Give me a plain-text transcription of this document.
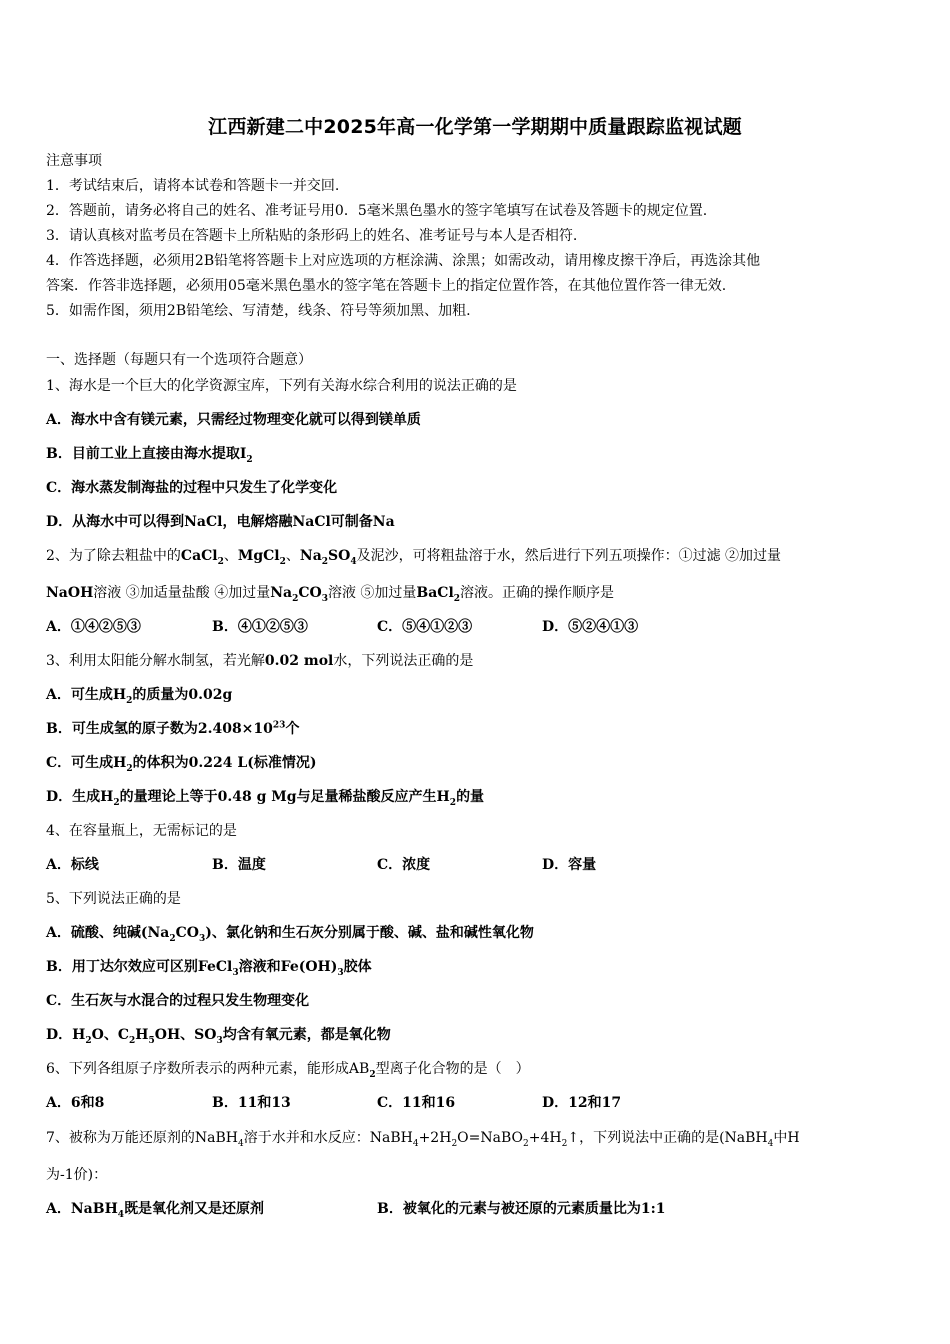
江西新建二中2025年高一化学第一学期期中质量跟踪监视试题
注意事项
1．考试结束后，请将本试卷和答题卡一并交回.
2．答题前，请务必将自己的姓名、准考证号用0．5毫米黑色墨水的签字笔填写在试卷及答题卡的规定位置.
3．请认真核对监考员在答题卡上所粘贴的条形码上的姓名、准考证号与本人是否相符.
4．作答选择题，必须用2B铅笔将答题卡上对应选项的方框涂满、涂黑；如需改动，请用橡皮擦干净后，再选涂其他
答案．作答非选择题，必须用05毫米黑色墨水的签字笔在答题卡上的指定位置作答，在其他位置作答一律无效.
5．如需作图，须用2B铅笔绘、写清楚，线条、符号等须加黑、加粗.
一、选择题（每题只有一个选项符合题意）
1、海水是一个巨大的化学资源宝库，下列有关海水综合利用的说法正确的是
A．海水中含有镁元素，只需经过物理变化就可以得到镁单质
B．目前工业上直接由海水提取$I_2$
C．海水蒸发制海盐的过程中只发生了化学变化
D．从海水中可以得到NaCl，电解熔融NaCl可制备Na
2、为了除去粗盐中的CaCl$_2$、MgCl$_2$、$Na_2SO_4$及泥沙，可将粗盐溶于水，然后进行下列五项操作：①过滤 ②加过量
NaOH溶液 ③加适量盐酸 ④加过量$Na_2CO_3$溶液 ⑤加过量BaCl$_2$溶液。正确的操作顺序是
A．①④②⑤③	B．④①②⑤③	C．⑤④①②③	D．⑤②④①③
3、利用太阳能分解水制氢，若光解0.02 mol水，下列说法正确的是
A．可生成$H_2$的质量为0.02g
B．可生成氢的原子数为$2.408\times 10^{23}$个
C．可生成$H_2$的体积为0.224 L(标准情况)
D．生成$H_2$的量理论上等于0.48 g Mg与足量稀盐酸反应产生$H_2$的量
4、在容量瓶上，无需标记的是
A．标线	B．温度	C．浓度	D．容量
5、下列说法正确的是
A．硫酸、纯碱$(Na_2CO_3)$、氯化钠和生石灰分别属于酸、碱、盐和碱性氧化物
B．用丁达尔效应可区别FeCl$_3$溶液和$Fe(OH)_3$胶体
C．生石灰与水混合的过程只发生物理变化
D．$H_2O$、$C_2H_5OH$、$SO_3$均含有氧元素，都是氧化物
6、下列各组原子序数所表示的两种元素，能形成$AB_2$型离子化合物的是（　）
A．6和8	B．11和13	C．11和16	D．12和17
7、被称为万能还原剂的NaBH$_4$溶于水并和水反应：$NaBH_4+2H_2O=NaBO_2+4H_2↑$，下列说法中正确的是(NaBH$_4$中H
为-1价)：
A．NaBH$_4$既是氧化剂又是还原剂	B．被氧化的元素与被还原的元素质量比为1:1
